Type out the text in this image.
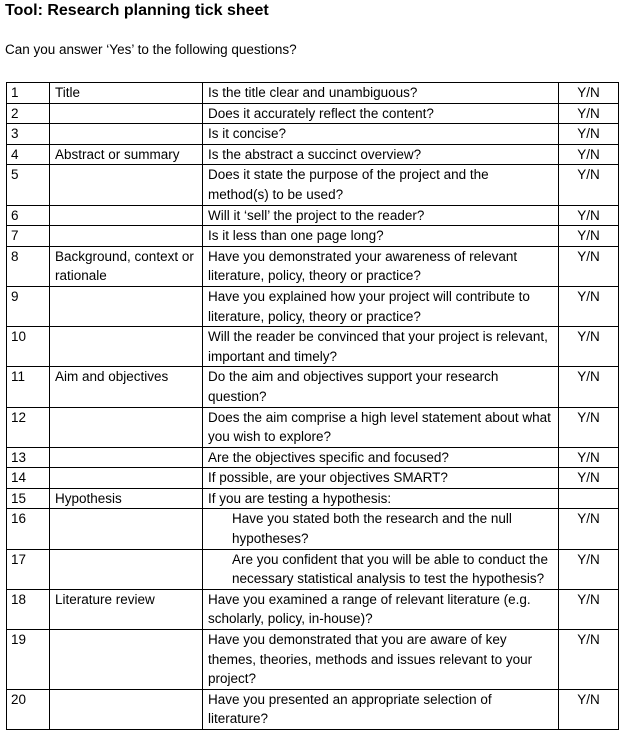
Tool: Research planning tick sheet
Can you answer ‘Yes’ to the following questions?
1	Title	Is the title clear and unambiguous?	Y/N
2		Does it accurately reflect the content?	Y/N
3		Is it concise?	Y/N
4	Abstract or summary	Is the abstract a succinct overview?	Y/N
5		Does it state the purpose of the project and the method(s) to be used?	Y/N
6		Will it ‘sell’ the project to the reader?	Y/N
7		Is it less than one page long?	Y/N
8	Background, context or rationale	Have you demonstrated your awareness of relevant literature, policy, theory or practice?	Y/N
9		Have you explained how your project will contribute to literature, policy, theory or practice?	Y/N
10		Will the reader be convinced that your project is relevant, important and timely?	Y/N
11	Aim and objectives	Do the aim and objectives support your research question?	Y/N
12		Does the aim comprise a high level statement about what you wish to explore?	Y/N
13		Are the objectives specific and focused?	Y/N
14		If possible, are your objectives SMART?	Y/N
15	Hypothesis	If you are testing a hypothesis:	
16		Have you stated both the research and the null hypotheses?	Y/N
17		Are you confident that you will be able to conduct the necessary statistical analysis to test the hypothesis?	Y/N
18	Literature review	Have you examined a range of relevant literature (e.g. scholarly, policy, in-house)?	Y/N
19		Have you demonstrated that you are aware of key themes, theories, methods and issues relevant to your project?	Y/N
20		Have you presented an appropriate selection of literature?	Y/N
